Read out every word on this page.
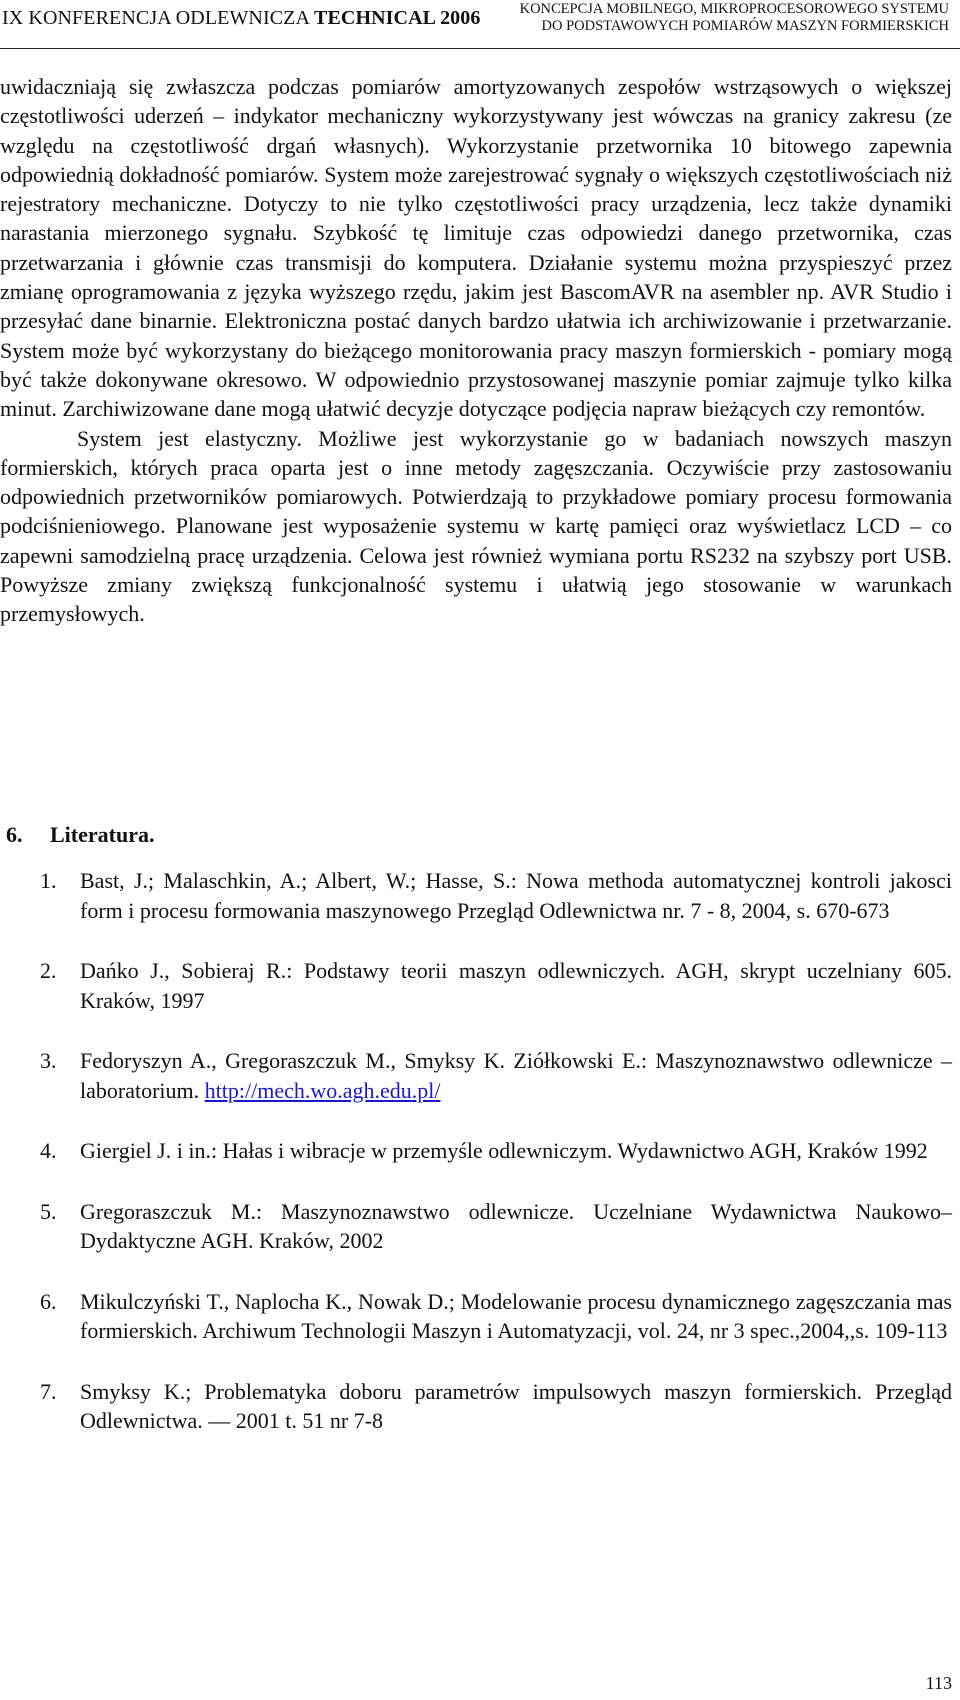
IX KONFERENCJA ODLEWNICZA TECHNICAL 2006	KONCEPCJA MOBILNEGO, MIKROPROCESOROWEGO SYSTEMU
DO PODSTAWOWYCH POMIARÓW MASZYN FORMIERSKICH

uwidaczniają się zwłaszcza podczas pomiarów amortyzowanych zespołów wstrząsowych o większej częstotliwości uderzeń – indykator mechaniczny wykorzystywany jest wówczas na granicy zakresu (ze względu na częstotliwość drgań własnych). Wykorzystanie przetwornika 10 bitowego zapewnia odpowiednią dokładność pomiarów. System może zarejestrować sygnały o większych częstotliwościach niż rejestratory mechaniczne. Dotyczy to nie tylko częstotliwości pracy urządzenia, lecz także dynamiki narastania mierzonego sygnału. Szybkość tę limituje czas odpowiedzi danego przetwornika, czas przetwarzania i głównie czas transmisji do komputera. Działanie systemu można przyspieszyć przez zmianę oprogramowania z języka wyższego rzędu, jakim jest BascomAVR na asembler np. AVR Studio i przesyłać dane binarnie. Elektroniczna postać danych bardzo ułatwia ich archiwizowanie i przetwarzanie. System może być wykorzystany do bieżącego monitorowania pracy maszyn formierskich - pomiary mogą być także dokonywane okresowo. W odpowiednio przystosowanej maszynie pomiar zajmuje tylko kilka minut. Zarchiwizowane dane mogą ułatwić decyzje dotyczące podjęcia napraw bieżących czy remontów.

System jest elastyczny. Możliwe jest wykorzystanie go w badaniach nowszych maszyn formierskich, których praca oparta jest o inne metody zagęszczania. Oczywiście przy zastosowaniu odpowiednich przetworników pomiarowych. Potwierdzają to przykładowe pomiary procesu formowania podciśnieniowego. Planowane jest wyposażenie systemu w kartę pamięci oraz wyświetlacz LCD – co zapewni samodzielną pracę urządzenia. Celowa jest również wymiana portu RS232 na szybszy port USB. Powyższe zmiany zwiększą funkcjonalność systemu i ułatwią jego stosowanie w warunkach przemysłowych.

6. Literatura.
1. Bast, J.; Malaschkin, A.; Albert, W.; Hasse, S.: Nowa methoda automatycznej kontroli jakosci form i procesu formowania maszynowego Przegląd Odlewnictwa nr. 7 - 8, 2004, s. 670-673
2. Dańko J., Sobieraj R.: Podstawy teorii maszyn odlewniczych. AGH, skrypt uczelniany 605. Kraków, 1997
3. Fedoryszyn A., Gregoraszczuk M., Smyksy K. Ziółkowski E.: Maszynoznawstwo odlewnicze – laboratorium. http://mech.wo.agh.edu.pl/
4. Giergiel J. i in.: Hałas i wibracje w przemyśle odlewniczym. Wydawnictwo AGH, Kraków 1992
5. Gregoraszczuk M.: Maszynoznawstwo odlewnicze. Uczelniane Wydawnictwa Naukowo–Dydaktyczne AGH. Kraków, 2002
6. Mikulczyński T., Naplocha K., Nowak D.; Modelowanie procesu dynamicznego zagęszczania mas formierskich. Archiwum Technologii Maszyn i Automatyzacji, vol. 24, nr 3 spec.,2004,,s. 109-113
7. Smyksy K.; Problematyka doboru parametrów impulsowych maszyn formierskich. Przegląd Odlewnictwa. — 2001 t. 51 nr 7-8
113
